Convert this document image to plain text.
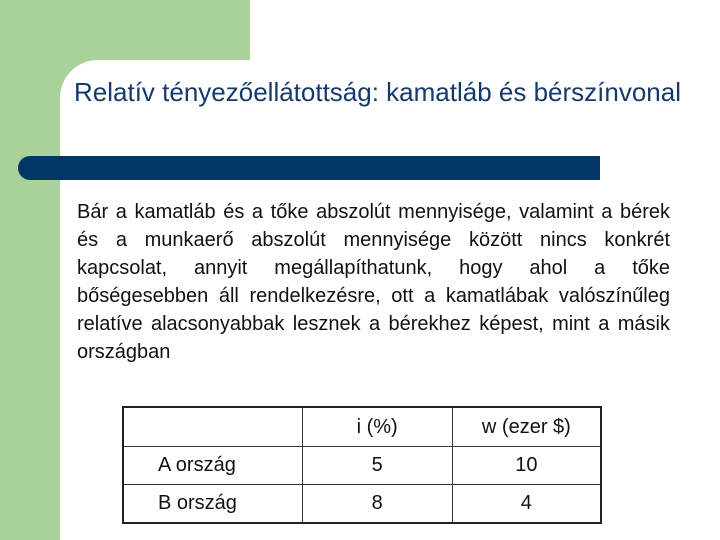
Relatív tényezőellátottság: kamatláb és bérszínvonal

Bár a kamatláb és a tőke abszolút mennyisége, valamint a bérek és a munkaerő abszolút mennyisége között nincs konkrét kapcsolat, annyit megállapíthatunk, hogy ahol a tőke bőségesebben áll rendelkezésre, ott a kamatlábak valószínűleg relatíve alacsonyabbak lesznek a bérekhez képest, mint a másik országban

	i (%)	w (ezer $)
A ország	5	10
B ország	8	4
